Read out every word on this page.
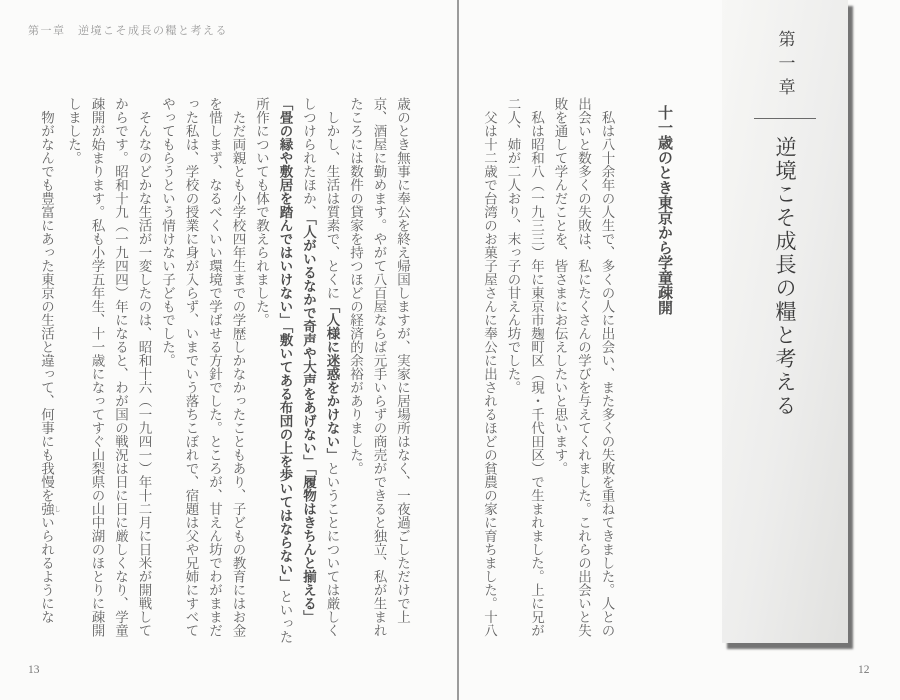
第一章　逆境こそ成長の糧と考える	第一章
逆境こそ成長の糧と考える
十一歳のとき東京から学童疎開
　私は八十余年の人生で、多くの人に出会い、また多くの失敗を重ねてきました。人との
出会いと数多くの失敗は、私にたくさんの学びを与えてくれました。これらの出会いと失
敗を通して学んだことを、皆さまにお伝えしたいと思います。
　私は昭和八（一九三三）年に東京市麹町区（現・千代田区）で生まれました。上に兄が
二人、姉が二人おり、末っ子の甘えん坊でした。
　父は十二歳で台湾のお菓子屋さんに奉公に出されるほどの貧農の家に育ちました。十八
歳のとき無事に奉公を終え帰国しますが、実家に居場所はなく、一夜過ごしただけで上
京、酒屋に勤めます。やがて八百屋ならば元手いらずの商売ができると独立、私が生まれ
たころには数件の貸家を持つほどの経済的余裕がありました。
　しかし、生活は質素で、とくに「人様に迷惑をかけない」ということについては厳しく
しつけられたほか、「人がいるなかで奇声や大声をあげない」「履物はきちんと揃える」
「畳の縁や敷居を踏んではいけない」「敷いてある布団の上を歩いてはならない」といった
所作についても体で教えられました。
　ただ両親とも小学校四年生までの学歴しかなかったこともあり、子どもの教育にはお金
を惜しまず、なるべくいい環境で学ばせる方針でした。ところが、甘えん坊でわがままだ
った私は、学校の授業に身が入らず、いまでいう落ちこぼれで、宿題は父や兄姉にすべて
やってもらうという情けない子どもでした。
　そんなのどかな生活が一変したのは、昭和十六（一九四一）年十二月に日米が開戦して
からです。昭和十九（一九四四）年になると、わが国の戦況は日に日に厳しくなり、学童
疎開が始まります。私も小学五年生、十一歳になってすぐ山梨県の山中湖のほとりに疎開
しました。
　物がなんでも豊富にあった東京の生活と違って、何事にも我慢を強 しいられるようにな
13	12
